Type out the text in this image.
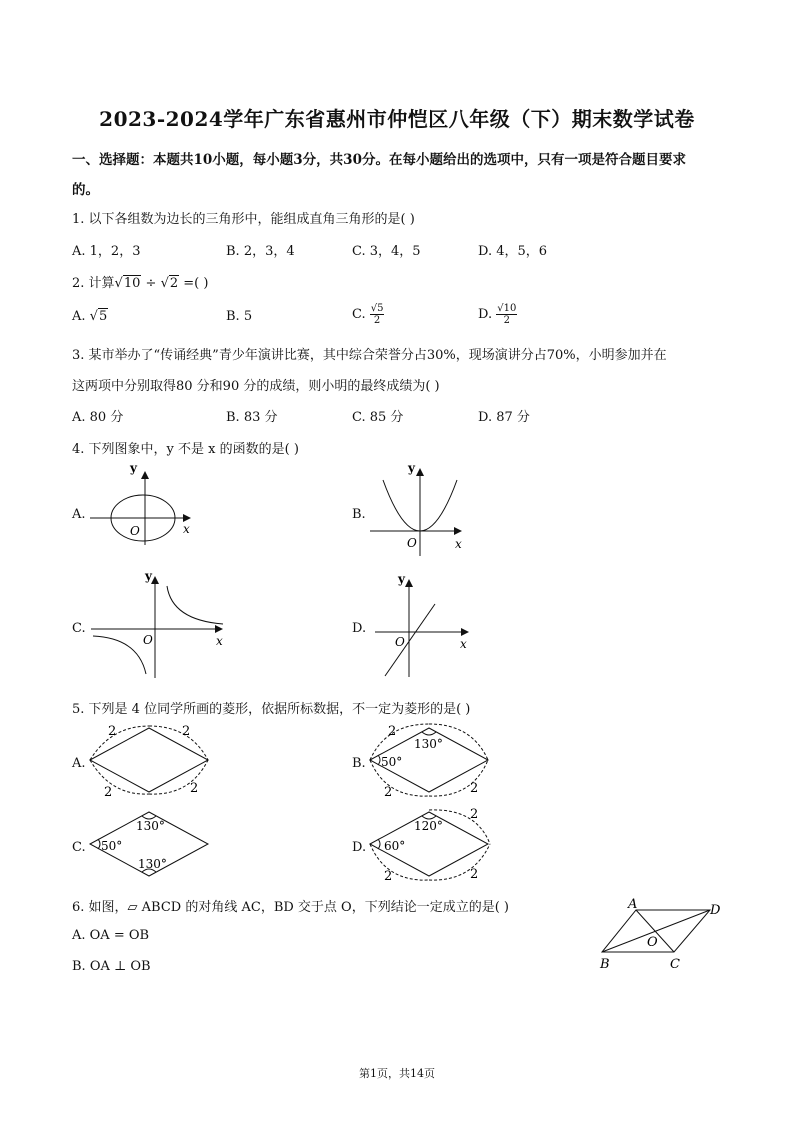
2023-2024学年广东省惠州市仲恺区八年级（下）期末数学试卷
一、选择题：本题共10小题，每小题3分，共30分。在每小题给出的选项中，只有一项是符合题目要求
的。
1. 以下各组数为边长的三角形中，能组成直角三角形的是( )
A. 1，2，3	B. 2，3，4	C. 3，4，5	D. 4，5，6
2. 计算√10 ÷ √2 =( )
A. √5	B. 5	C. $\frac{√5}{2}$	D. $\frac{√10}{2}$
3. 某市举办了“传诵经典”青少年演讲比赛，其中综合荣誉分占30%，现场演讲分占70%，小明参加并在
这两项中分别取得80 分和90 分的成绩，则小明的最终成绩为( )
A. 80 分	B. 83 分	C. 85 分	D. 87 分
4. 下列图象中，y 不是 x 的函数的是( )
A.	B.
C.	D.
y
x
O
y
x
O
y
x
O
y
x
O
5. 下列是 4 位同学所画的菱形，依据所标数据，不一定为菱形的是( )
A.	B.
C.	D.
2	2
2	2
2
130°
50°
2	2
130°
50°
130°
120°
2
60°
2	2
6. 如图，▱ ABCD 的对角线 AC，BD 交于点 O，下列结论一定成立的是( )
A. OA = OB
B. OA ⊥ OB
A	D
B	C
O
第1页，共14页
